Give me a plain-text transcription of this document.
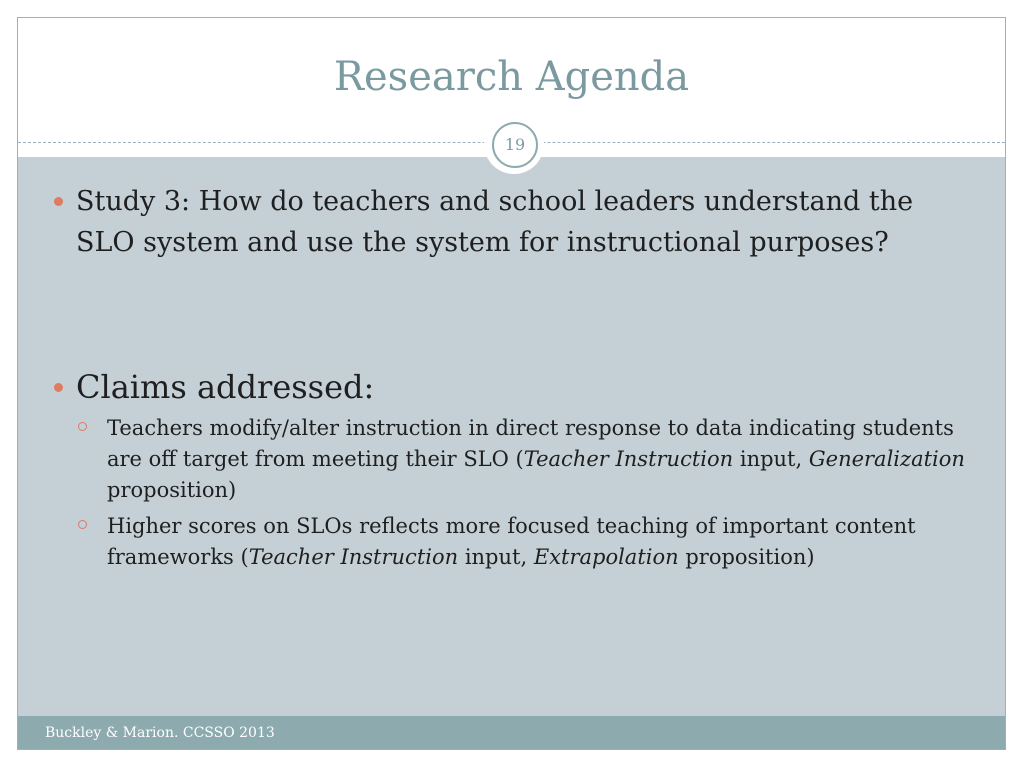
Research Agenda
19
Study 3: How do teachers and school leaders understand the SLO system and use the system for instructional purposes?
Claims addressed:
Teachers modify/alter instruction in direct response to data indicating students are off target from meeting their SLO (Teacher Instruction input, Generalization proposition)
Higher scores on SLOs reflects more focused teaching of important content frameworks (Teacher Instruction input, Extrapolation proposition)
Buckley & Marion. CCSSO 2013
